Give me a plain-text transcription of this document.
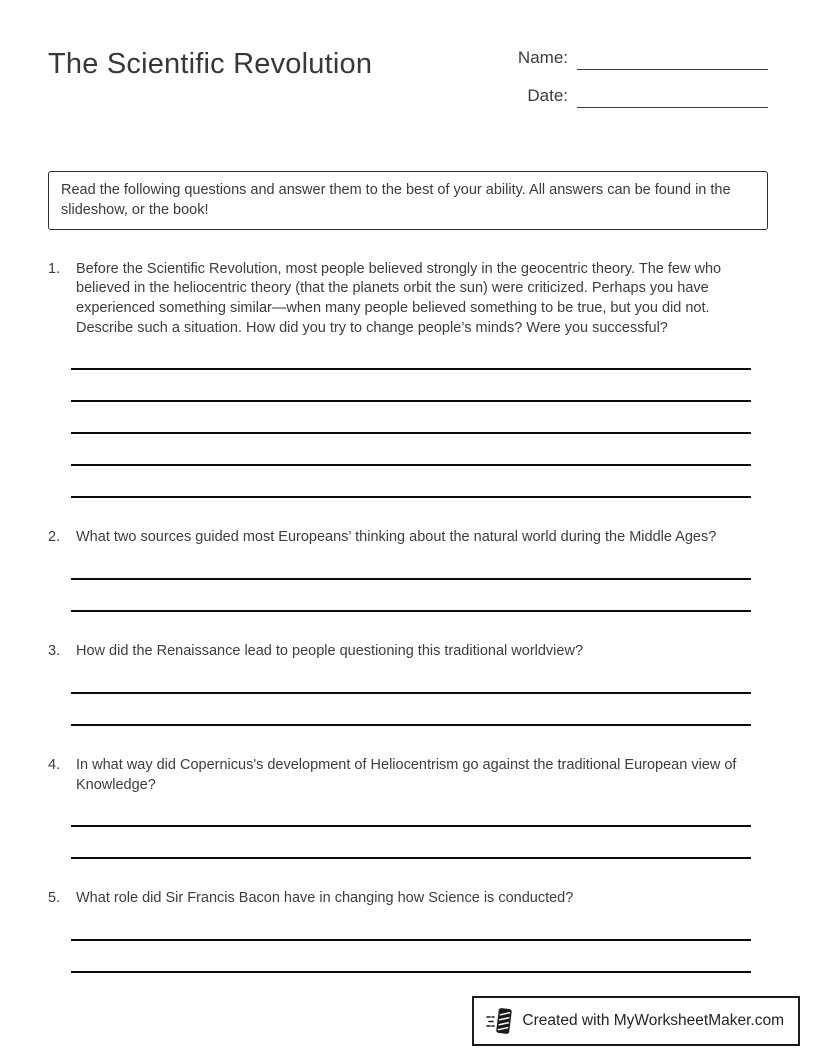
The Scientific Revolution	Name:
Date:
Read the following questions and answer them to the best of your ability. All answers can be found in the slideshow, or the book!
1.	Before the Scientific Revolution, most people believed strongly in the geocentric theory. The few who believed in the heliocentric theory (that the planets orbit the sun) were criticized. Perhaps you have experienced something similar—when many people believed something to be true, but you did not. Describe such a situation. How did you try to change people’s minds? Were you successful?
2.	What two sources guided most Europeans’ thinking about the natural world during the Middle Ages?
3.	How did the Renaissance lead to people questioning this traditional worldview?
4.	In what way did Copernicus's development of Heliocentrism go against the traditional European view of Knowledge?
5.	What role did Sir Francis Bacon have in changing how Science is conducted?
Created with MyWorksheetMaker.com
